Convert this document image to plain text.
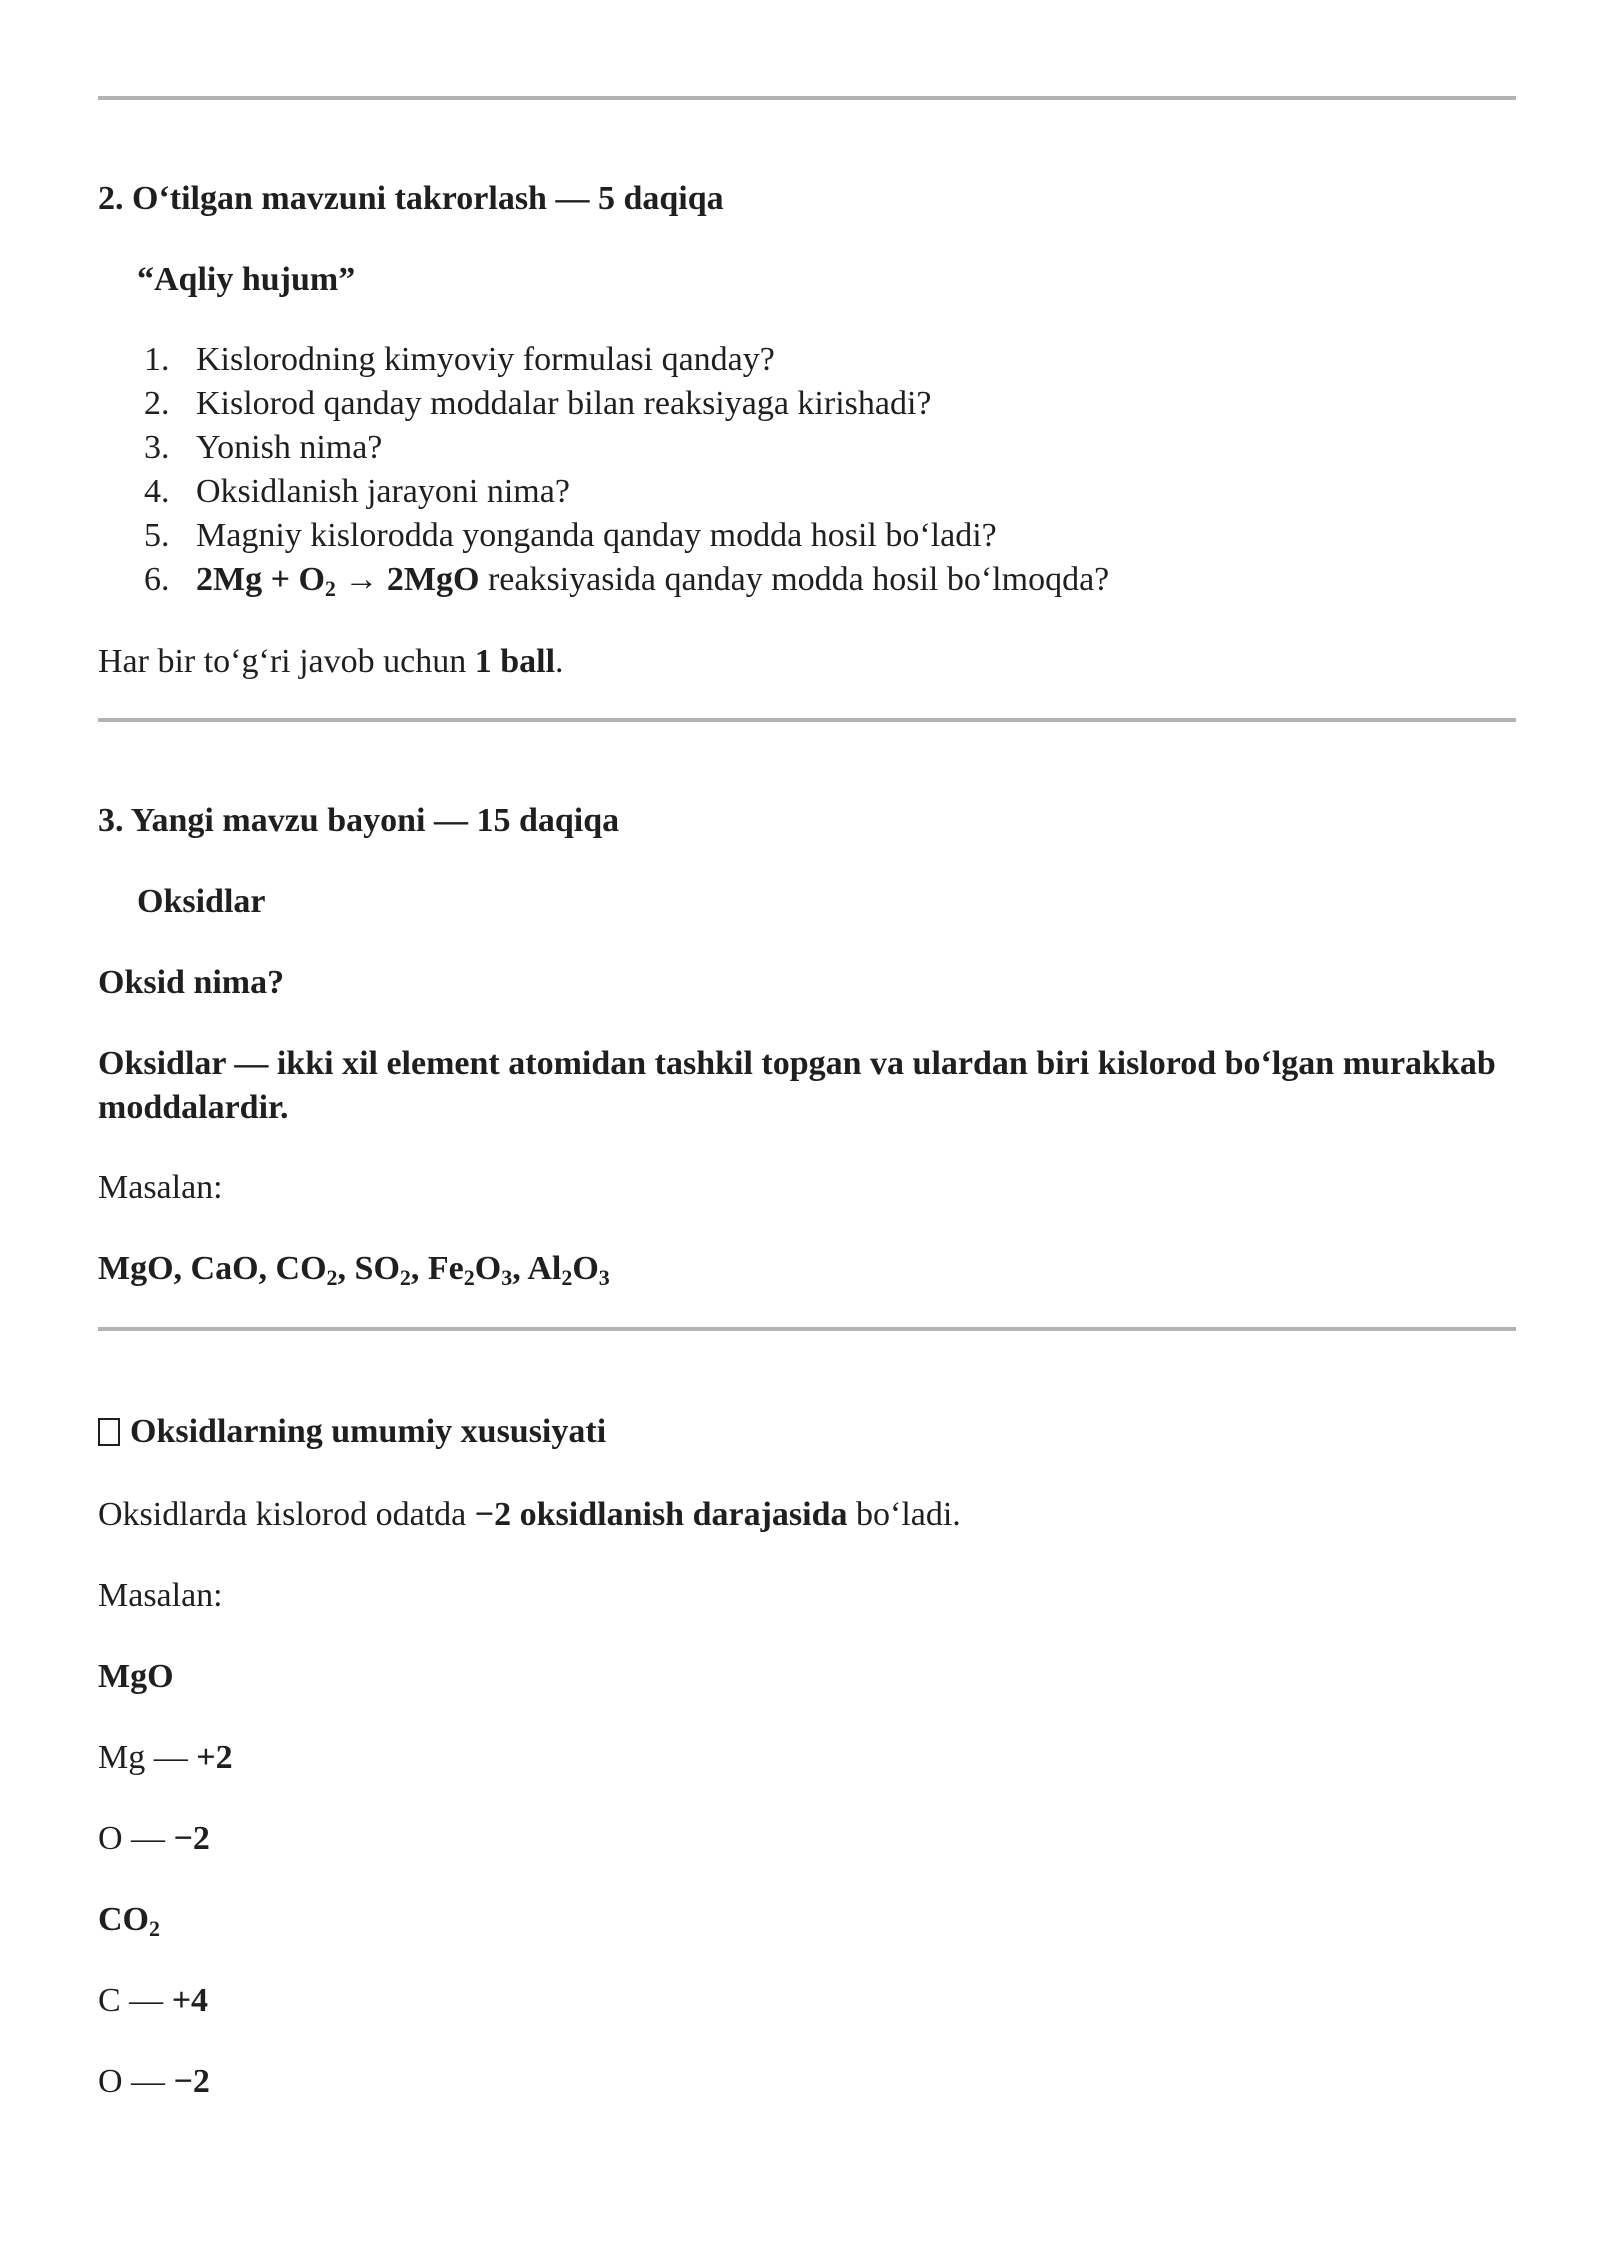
2. O‘tilgan mavzuni takrorlash — 5 daqiqa

“Aqliy hujum”

1. Kislorodning kimyoviy formulasi qanday?
2. Kislorod qanday moddalar bilan reaksiyaga kirishadi?
3. Yonish nima?
4. Oksidlanish jarayoni nima?
5. Magniy kislorodda yonganda qanday modda hosil bo‘ladi?
6. $2Mg + O_2 \to 2MgO$ reaksiyasida qanday modda hosil bo‘lmoqda?

Har bir to‘g‘ri javob uchun 1 ball.

3. Yangi mavzu bayoni — 15 daqiqa

Oksidlar

Oksid nima?

Oksidlar — ikki xil element atomidan tashkil topgan va ulardan biri kislorod bo‘lgan murakkab moddalardir.

Masalan:

MgO, CaO, $CO_2$, $SO_2$, $Fe_2O_3$, $Al_2O_3$

Oksidlarning umumiy xususiyati

Oksidlarda kislorod odatda −2 oksidlanish darajasida bo‘ladi.

Masalan:

MgO

Mg — +2

O — −2

$CO_2$

C — +4

O — −2
